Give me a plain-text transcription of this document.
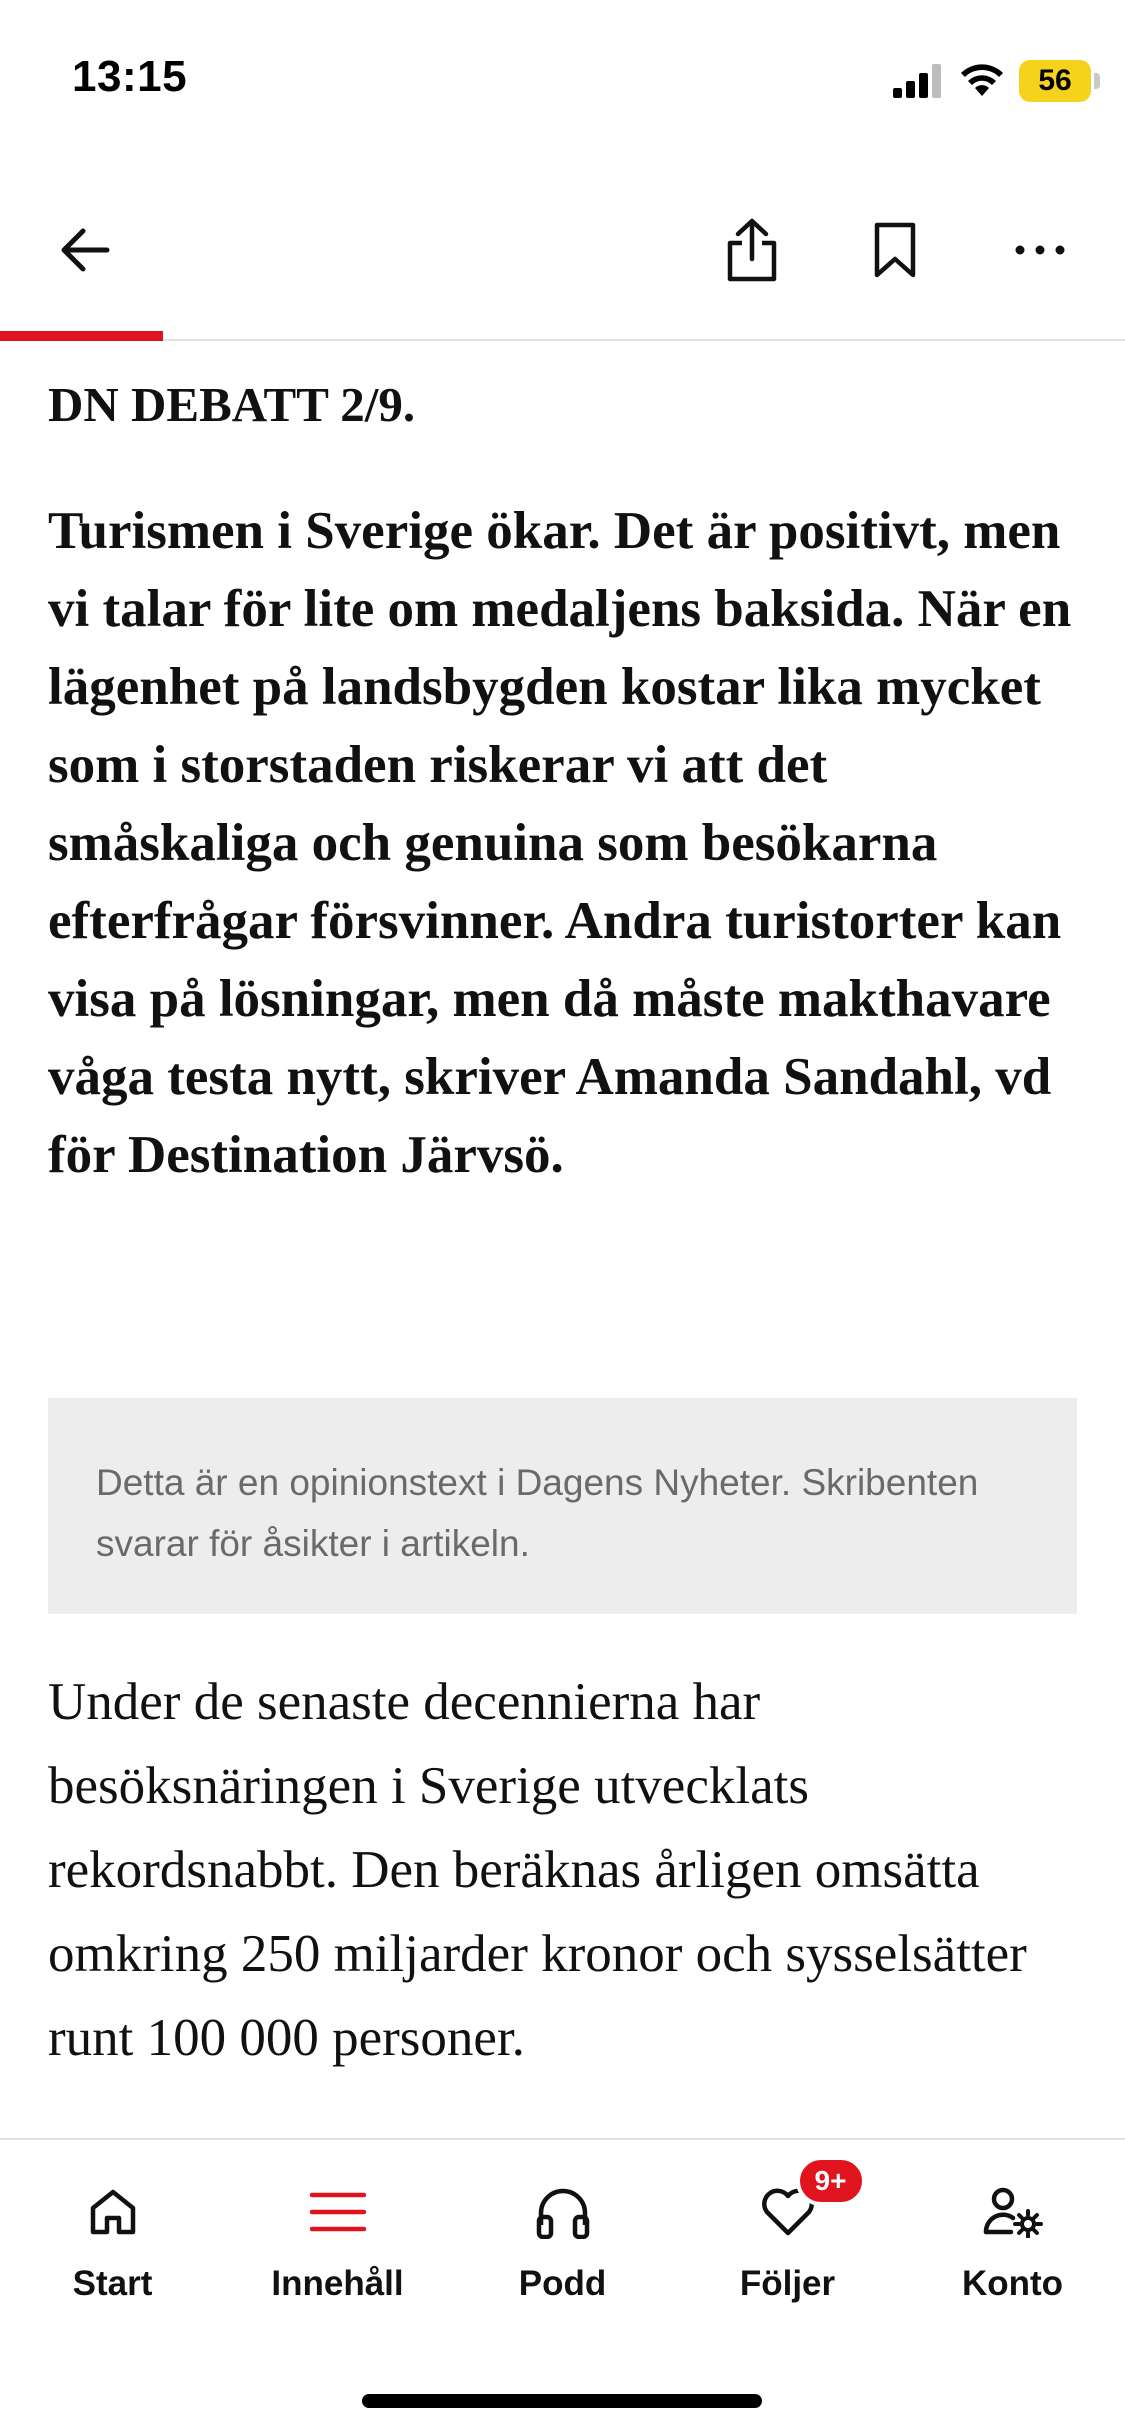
13:15	56
DN DEBATT 2/9.
Turismen i Sverige ökar. Det är positivt, men vi talar för lite om medaljens baksida. När en lägenhet på landsbygden kostar lika mycket som i storstaden riskerar vi att det småskaliga och genuina som besökarna efterfrågar försvinner. Andra turistorter kan visa på lösningar, men då måste makthavare våga testa nytt, skriver Amanda Sandahl, vd för Destination Järvsö.
Detta är en opinionstext i Dagens Nyheter. Skribenten svarar för åsikter i artikeln.
Under de senaste decennierna har besöksnäringen i Sverige utvecklats rekordsnabbt. Den beräknas årligen omsätta omkring 250 miljarder kronor och sysselsätter runt 100 000 personer.
Start	Innehåll	Podd
9+
Följer	Konto
